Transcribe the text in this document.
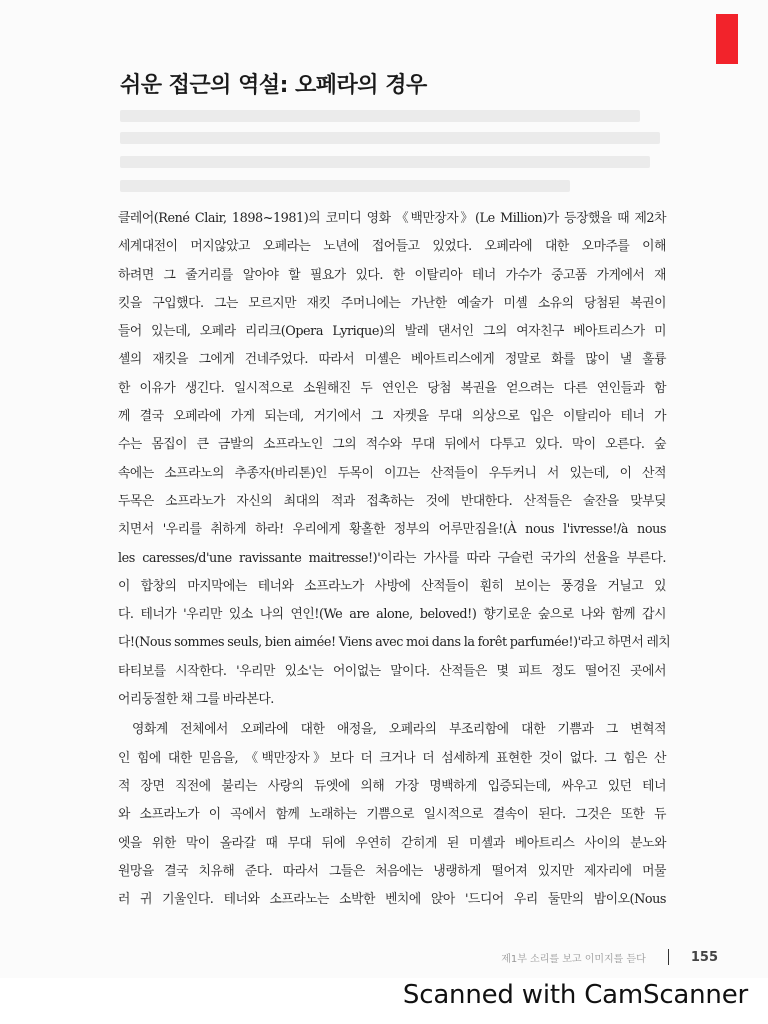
쉬운 접근의 역설: 오페라의 경우
클레어(René Clair, 1898~1981)의 코미디 영화 《백만장자》(Le Million)가 등장했을 때 제2차
세계대전이 머지않았고 오페라는 노년에 접어들고 있었다. 오페라에 대한 오마주를 이해
하려면 그 줄거리를 알아야 할 필요가 있다. 한 이탈리아 테너 가수가 중고품 가게에서 재
킷을 구입했다. 그는 모르지만 재킷 주머니에는 가난한 예술가 미셸 소유의 당첨된 복권이
들어 있는데, 오페라 리리크(Opera Lyrique)의 발레 댄서인 그의 여자친구 베아트리스가 미
셸의 재킷을 그에게 건네주었다. 따라서 미셸은 베아트리스에게 정말로 화를 많이 낼 훌륭
한 이유가 생긴다. 일시적으로 소원해진 두 연인은 당첨 복권을 얻으려는 다른 연인들과 함
께 결국 오페라에 가게 되는데, 거기에서 그 자켓을 무대 의상으로 입은 이탈리아 테너 가
수는 몸집이 큰 금발의 소프라노인 그의 적수와 무대 뒤에서 다투고 있다. 막이 오른다. 숲
속에는 소프라노의 추종자(바리톤)인 두목이 이끄는 산적들이 우두커니 서 있는데, 이 산적
두목은 소프라노가 자신의 최대의 적과 접촉하는 것에 반대한다. 산적들은 술잔을 맞부딪
치면서 '우리를 취하게 하라! 우리에게 황홀한 정부의 어루만짐을!(À nous l'ivresse!/à nous
les caresses/d'une ravissante maitresse!)'이라는 가사를 따라 구슬런 국가의 선율을 부른다.
이 합창의 마지막에는 테너와 소프라노가 사방에 산적들이 훤히 보이는 풍경을 거닐고 있
다. 테너가 '우리만 있소 나의 연인!(We are alone, beloved!) 향기로운 숲으로 나와 함께 갑시
다!(Nous sommes seuls, bien aimée! Viens avec moi dans la forêt parfumée!)'라고 하면서 레치
타티보를 시작한다. '우리만 있소'는 어이없는 말이다. 산적들은 몇 피트 정도 떨어진 곳에서
어리둥절한 채 그를 바라본다.
영화계 전체에서 오페라에 대한 애정을, 오페라의 부조리함에 대한 기쁨과 그 변혁적
인 힘에 대한 믿음을, 《백만장자》보다 더 크거나 더 섬세하게 표현한 것이 없다. 그 힘은 산
적 장면 직전에 불리는 사랑의 듀엣에 의해 가장 명백하게 입증되는데, 싸우고 있던 테너
와 소프라노가 이 곡에서 함께 노래하는 기쁨으로 일시적으로 결속이 된다. 그것은 또한 듀
엣을 위한 막이 올라갈 때 무대 뒤에 우연히 갇히게 된 미셸과 베아트리스 사이의 분노와
원망을 결국 치유해 준다. 따라서 그들은 처음에는 냉랭하게 떨어져 있지만 제자리에 머물
러 귀 기울인다. 테너와 소프라노는 소박한 벤치에 앉아 '드디어 우리 둘만의 밤이오(Nous
제1부 소리를 보고 이미지를 듣다	155
Scanned with CamScanner
